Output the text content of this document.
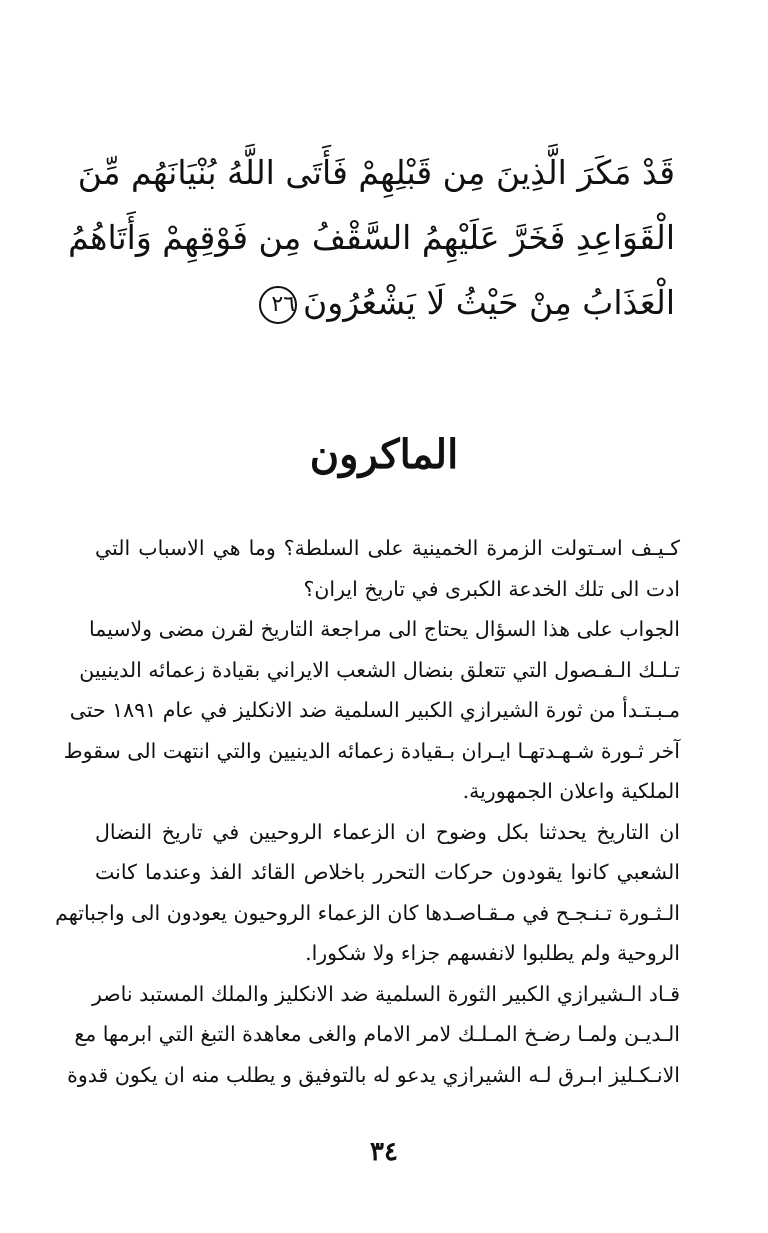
قَدْ مَكَرَ الَّذِينَ مِن قَبْلِهِمْ فَأَتَى اللَّهُ بُنْيَانَهُم مِّنَ
الْقَوَاعِدِ فَخَرَّ عَلَيْهِمُ السَّقْفُ مِن فَوْقِهِمْ وَأَتَاهُمُ
الْعَذَابُ مِنْ حَيْثُ لَا يَشْعُرُونَ٢٦
الماكرون
كـيـف اسـتولت الزمرة الخمينية على السلطة؟ وما هي الاسباب التي
ادت الى تلك الخدعة الكبرى في تاريخ ايران؟
الجواب على هذا السؤال يحتاج الى مراجعة التاريخ لقرن مضى ولاسيما
تـلـك الـفـصول التي تتعلق بنضال الشعب الايراني بقيادة زعمائه الدينيين
مـبـتـدأ من ثورة الشيرازي الكبير السلمية ضد الانكليز في عام ١٨٩١ حتى
آخر ثـورة شـهـدتهـا ايـران بـقيادة زعمائه الدينيين والتي انتهت الى سقوط
الملكية واعلان الجمهورية.
ان التاريخ يحدثنا بكل وضوح ان الزعماء الروحيين في تاريخ النضال
الشعبي كانوا يقودون حركات التحرر باخلاص القائد الفذ وعندما كانت
الـثـورة تـنـجـح في مـقـاصـدها كان الزعماء الروحيون يعودون الى واجباتهم
الروحية ولم يطلبوا لانفسهم جزاء ولا شكورا.
قـاد الـشيرازي الكبير الثورة السلمية ضد الانكليز والملك المستبد ناصر
الـديـن ولمـا رضـخ المـلـك لامر الامام والغى معاهدة التبغ التي ابرمها مع
الانـكـليز ابـرق لـه الشيرازي يدعو له بالتوفيق و يطلب منه ان يكون قدوة
٣٤
